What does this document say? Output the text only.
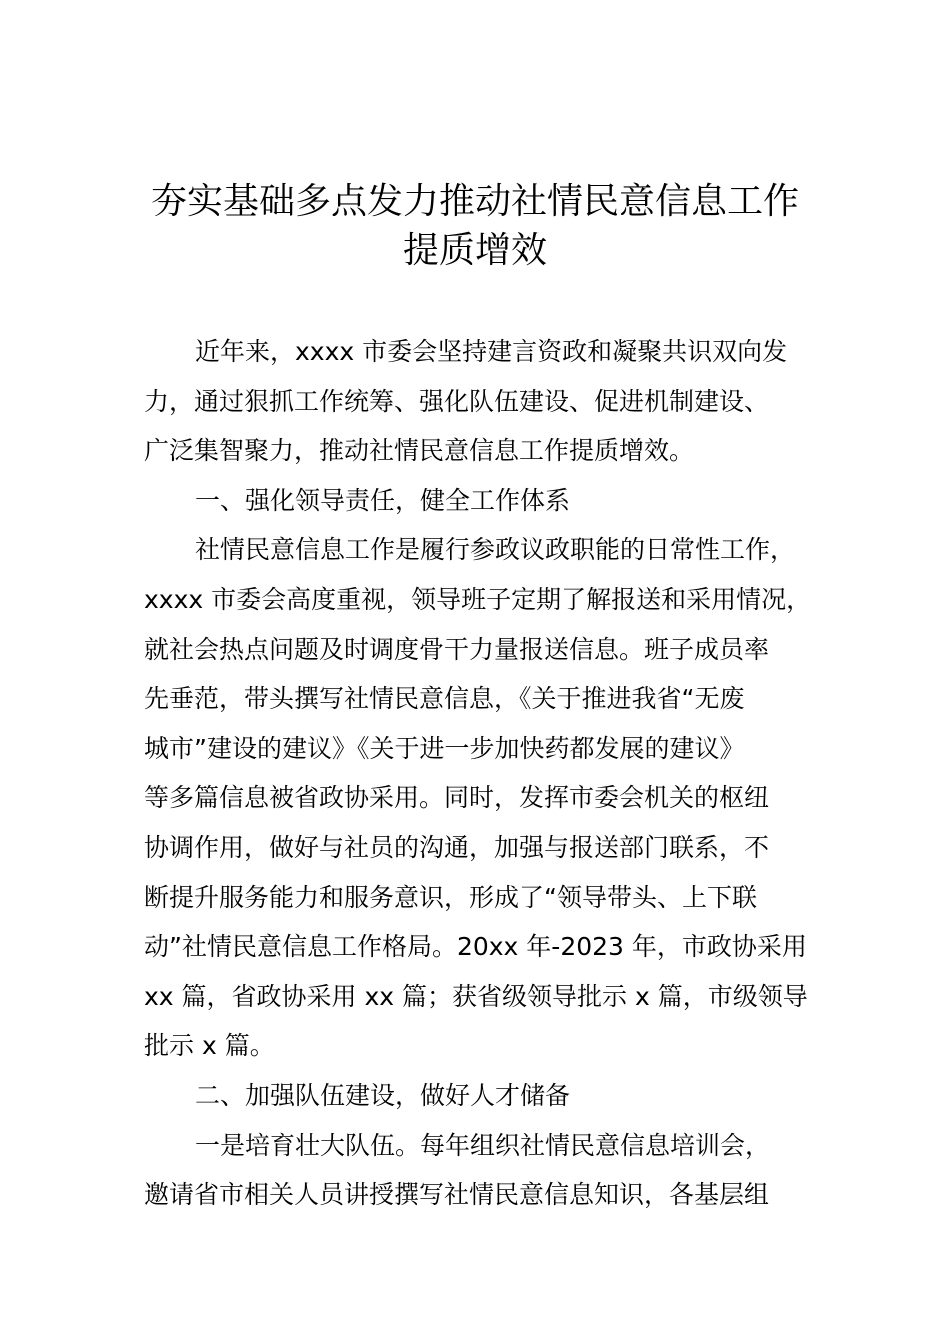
夯实基础多点发力推动社情民意信息工作
提质增效
近年来，xxxx 市委会坚持建言资政和凝聚共识双向发
力，通过狠抓工作统筹、强化队伍建设、促进机制建设、
广泛集智聚力，推动社情民意信息工作提质增效。
一、强化领导责任，健全工作体系
社情民意信息工作是履行参政议政职能的日常性工作，
xxxx 市委会高度重视，领导班子定期了解报送和采用情况，
就社会热点问题及时调度骨干力量报送信息。班子成员率
先垂范，带头撰写社情民意信息，《关于推进我省“无废
城市”建设的建议》《关于进一步加快药都发展的建议》
等多篇信息被省政协采用。同时，发挥市委会机关的枢纽
协调作用，做好与社员的沟通，加强与报送部门联系，不
断提升服务能力和服务意识，形成了“领导带头、上下联
动”社情民意信息工作格局。20xx 年-2023 年，市政协采用
xx 篇，省政协采用 xx 篇；获省级领导批示 x 篇，市级领导
批示 x 篇。
二、加强队伍建设，做好人才储备
一是培育壮大队伍。每年组织社情民意信息培训会，
邀请省市相关人员讲授撰写社情民意信息知识，各基层组
